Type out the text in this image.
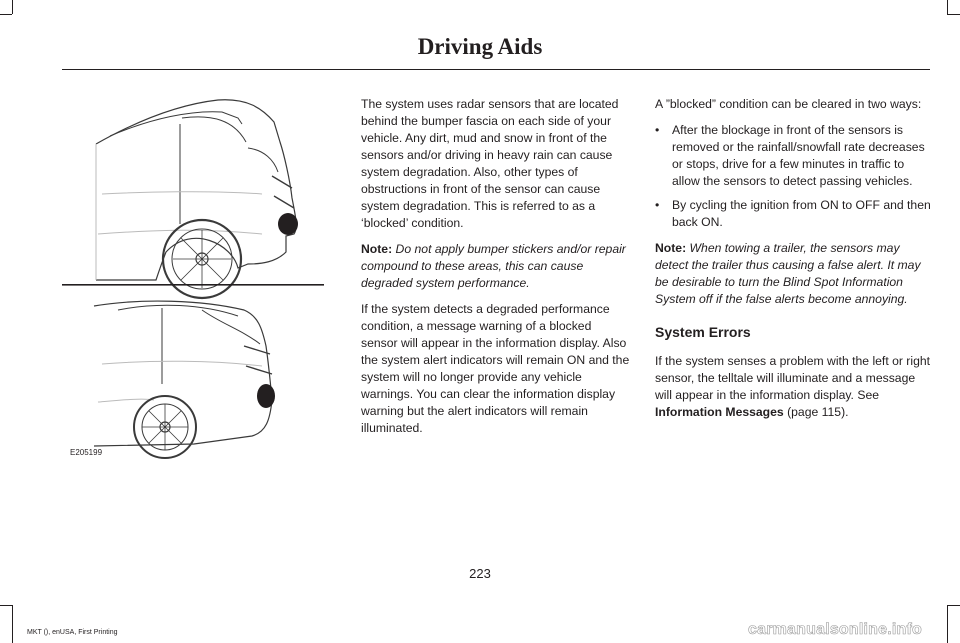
Driving Aids
E205199

The system uses radar sensors that are located behind the bumper fascia on each side of your vehicle. Any dirt, mud and snow in front of the sensors and/or driving in heavy rain can cause system degradation. Also, other types of obstructions in front of the sensor can cause system degradation. This is referred to as a ‘blocked’ condition.

Note: Do not apply bumper stickers and/or repair compound to these areas, this can cause degraded system performance.

If the system detects a degraded performance condition, a message warning of a blocked sensor will appear in the information display. Also the system alert indicators will remain ON and the system will no longer provide any vehicle warnings. You can clear the information display warning but the alert indicators will remain illuminated.

A ”blocked” condition can be cleared in two ways:

• After the blockage in front of the sensors is removed or the rainfall/snowfall rate decreases or stops, drive for a few minutes in traffic to allow the sensors to detect passing vehicles.
• By cycling the ignition from ON to OFF and then back ON.

Note: When towing a trailer, the sensors may detect the trailer thus causing a false alert. It may be desirable to turn the Blind Spot Information System off if the false alerts become annoying.

System Errors

If the system senses a problem with the left or right sensor, the telltale will illuminate and a message will appear in the information display. See Information Messages (page 115).

223
MKT (), enUSA, First Printing	carmanualsonline.info
